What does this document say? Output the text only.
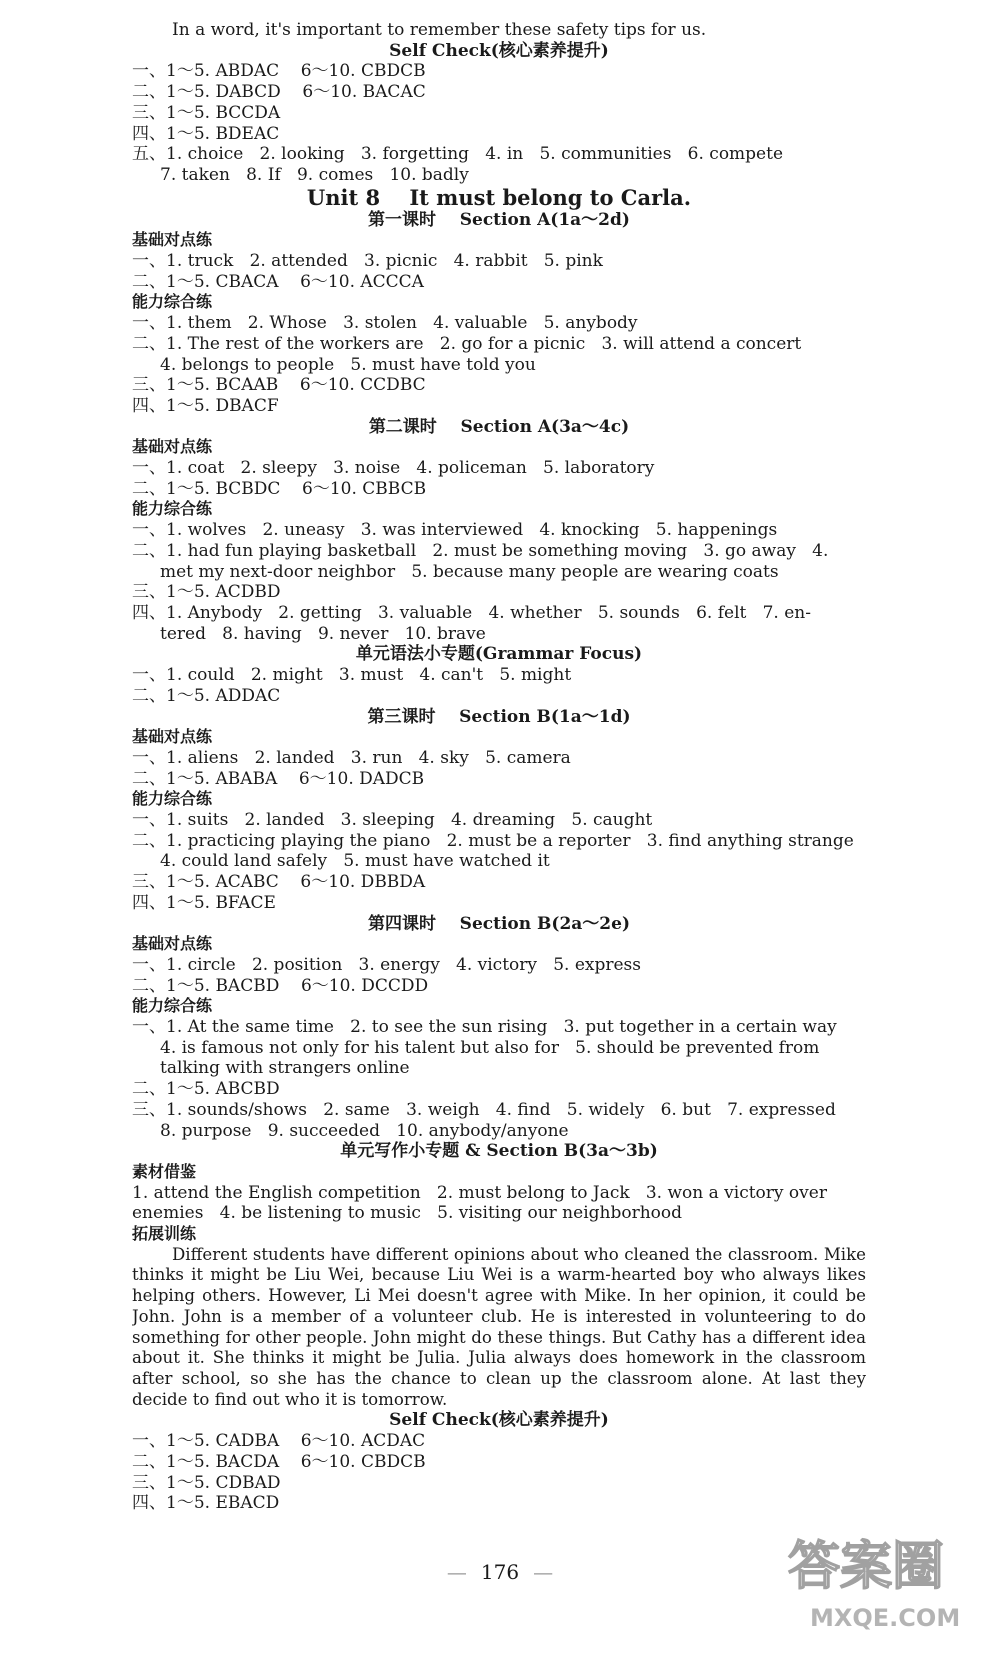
In a word, it's important to remember these safety tips for us.
Self Check(核心素养提升)
一、1～5. ABDAC    6～10. CBDCB
二、1～5. DABCD    6～10. BACAC
三、1～5. BCCDA
四、1～5. BDEAC
五、1. choice   2. looking   3. forgetting   4. in   5. communities   6. compete
7. taken   8. If   9. comes   10. badly
Unit 8    It must belong to Carla.
第一课时    Section A(1a～2d)
基础对点练
一、1. truck   2. attended   3. picnic   4. rabbit   5. pink
二、1～5. CBACA    6～10. ACCCA
能力综合练
一、1. them   2. Whose   3. stolen   4. valuable   5. anybody
二、1. The rest of the workers are   2. go for a picnic   3. will attend a concert
4. belongs to people   5. must have told you
三、1～5. BCAAB    6～10. CCDBC
四、1～5. DBACF
第二课时    Section A(3a～4c)
基础对点练
一、1. coat   2. sleepy   3. noise   4. policeman   5. laboratory
二、1～5. BCBDC    6～10. CBBCB
能力综合练
一、1. wolves   2. uneasy   3. was interviewed   4. knocking   5. happenings
二、1. had fun playing basketball   2. must be something moving   3. go away   4.
met my next-door neighbor   5. because many people are wearing coats
三、1～5. ACDBD
四、1. Anybody   2. getting   3. valuable   4. whether   5. sounds   6. felt   7. en-
tered   8. having   9. never   10. brave
单元语法小专题(Grammar Focus)
一、1. could   2. might   3. must   4. can't   5. might
二、1～5. ADDAC
第三课时    Section B(1a～1d)
基础对点练
一、1. aliens   2. landed   3. run   4. sky   5. camera
二、1～5. ABABA    6～10. DADCB
能力综合练
一、1. suits   2. landed   3. sleeping   4. dreaming   5. caught
二、1. practicing playing the piano   2. must be a reporter   3. find anything strange
4. could land safely   5. must have watched it
三、1～5. ACABC    6～10. DBBDA
四、1～5. BFACE
第四课时    Section B(2a～2e)
基础对点练
一、1. circle   2. position   3. energy   4. victory   5. express
二、1～5. BACBD    6～10. DCCDD
能力综合练
一、1. At the same time   2. to see the sun rising   3. put together in a certain way
4. is famous not only for his talent but also for   5. should be prevented from
talking with strangers online
二、1～5. ABCBD
三、1. sounds/shows   2. same   3. weigh   4. find   5. widely   6. but   7. expressed
8. purpose   9. succeeded   10. anybody/anyone
单元写作小专题 & Section B(3a～3b)
素材借鉴
1. attend the English competition   2. must belong to Jack   3. won a victory over
enemies   4. be listening to music   5. visiting our neighborhood
拓展训练
Different students have different opinions about who cleaned the classroom. Mike thinks it might be Liu Wei, because Liu Wei is a warm-hearted boy who always likes helping others. However, Li Mei doesn't agree with Mike. In her opinion, it could be John. John is a member of a volunteer club. He is interested in volunteering to do something for other people. John might do these things. But Cathy has a different idea about it. She thinks it might be Julia. Julia always does homework in the classroom after school, so she has the chance to clean up the classroom alone. At last they decide to find out who it is tomorrow.
Self Check(核心素养提升)
一、1～5. CADBA    6～10. ACDAC
二、1～5. BACDA    6～10. CBDCB
三、1～5. CDBAD
四、1～5. EBACD
— 176 —	答案圈
MXQE.COM
